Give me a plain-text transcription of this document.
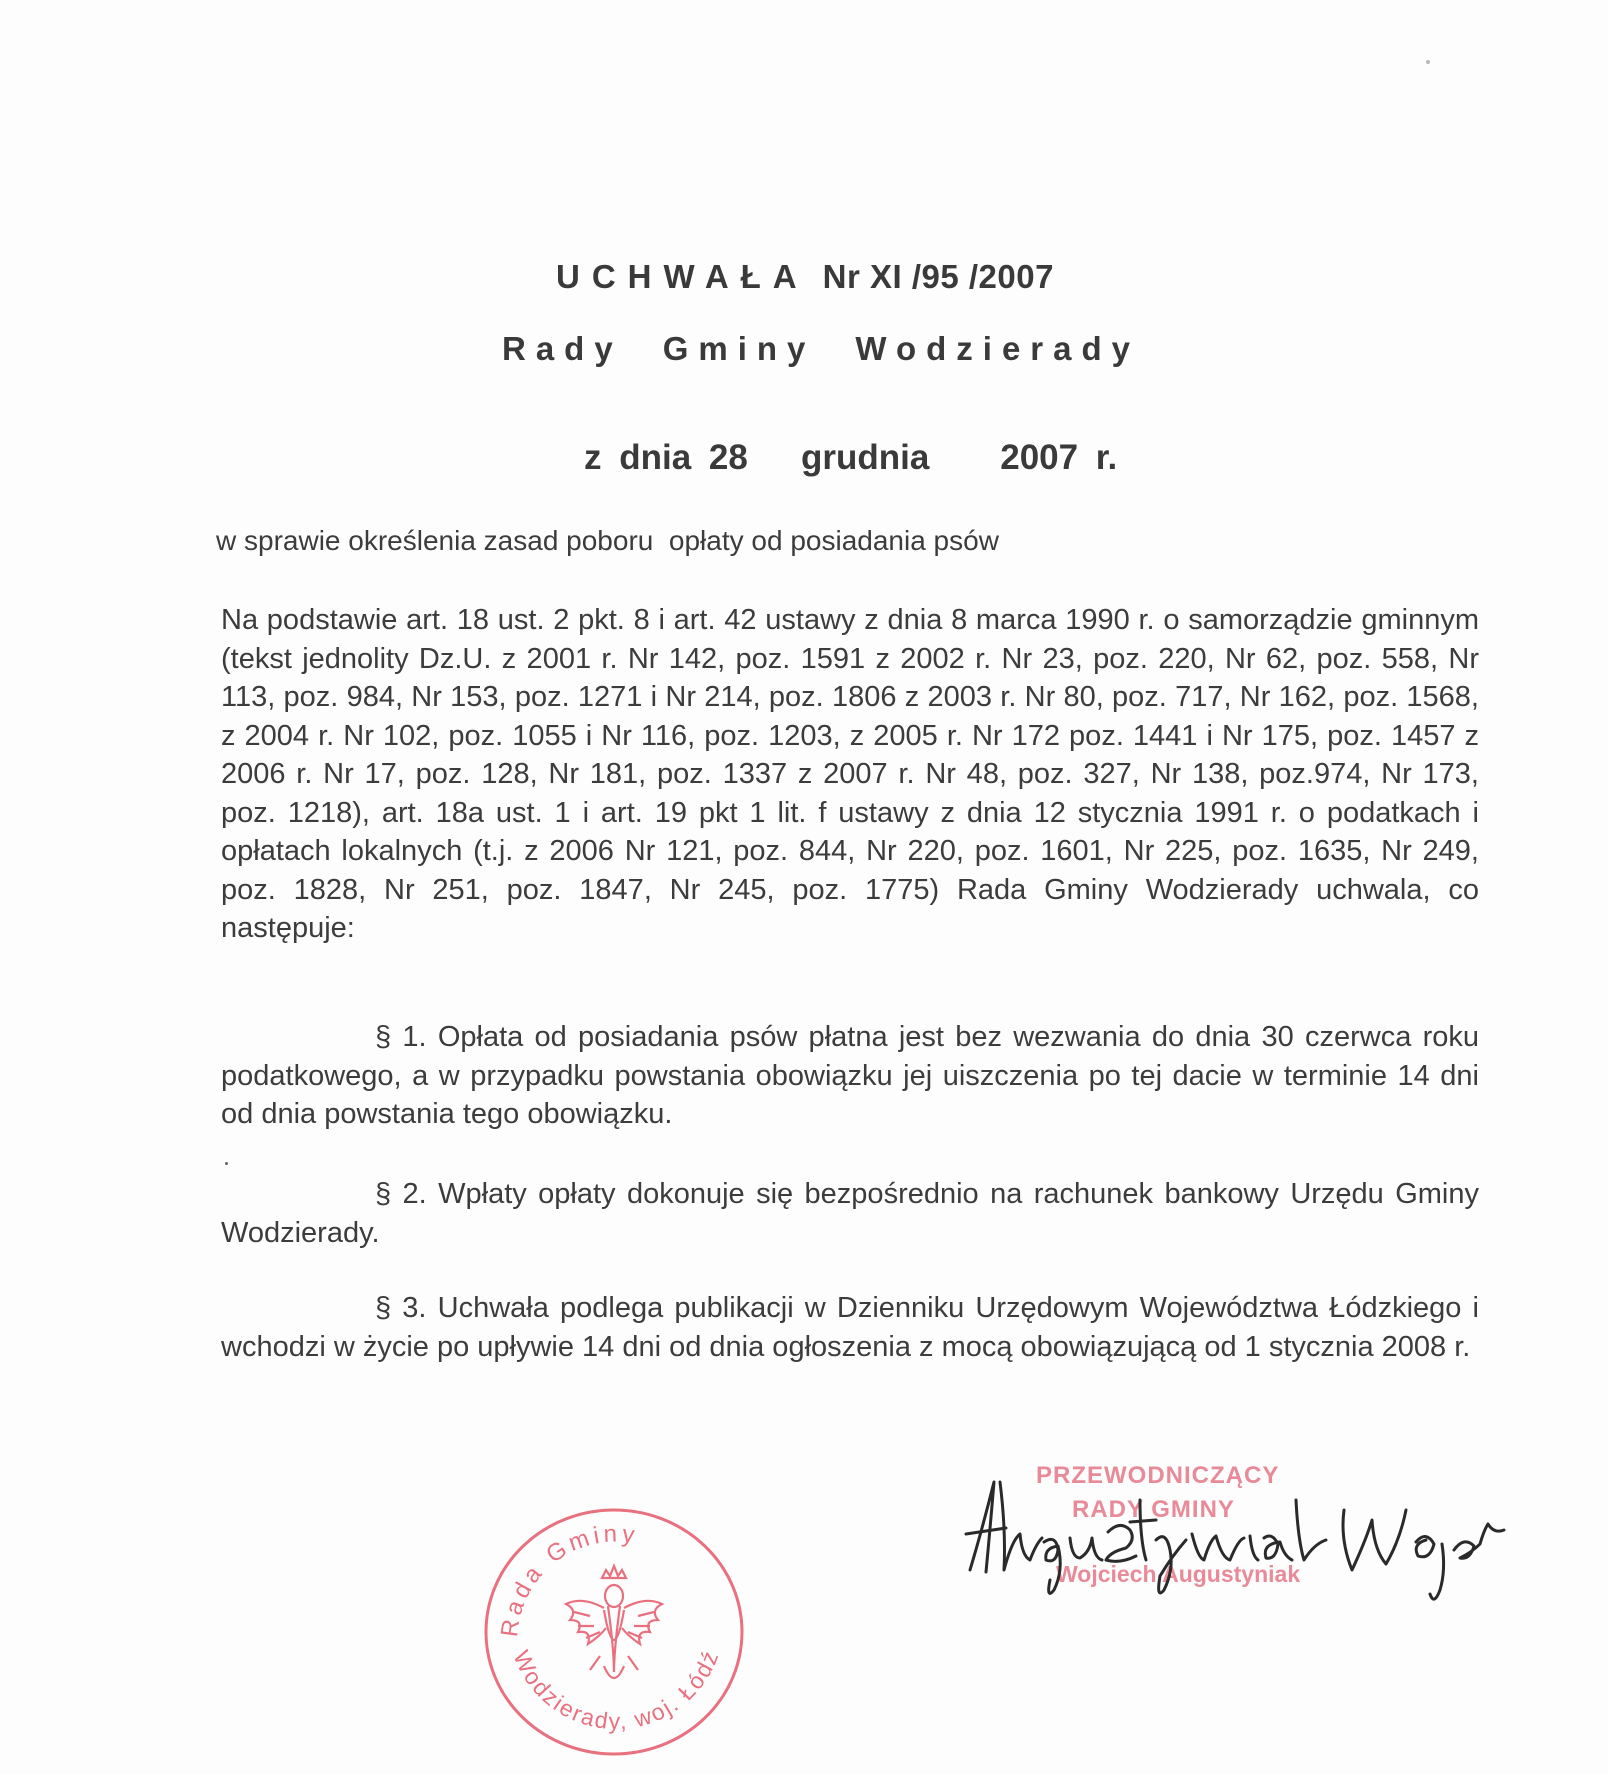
UCHWAŁA Nr XI /95 /2007
Rady Gminy Wodzierady
z dnia 28   grudnia    2007 r.
w sprawie określenia zasad poboru  opłaty od posiadania psów
Na podstawie art. 18 ust. 2 pkt. 8 i art. 42 ustawy z dnia 8 marca 1990 r. o samorządzie gminnym (tekst jednolity Dz.U. z 2001 r. Nr 142, poz. 1591 z 2002 r. Nr 23, poz. 220, Nr 62, poz. 558, Nr 113, poz. 984, Nr 153, poz. 1271 i Nr 214, poz. 1806 z 2003 r. Nr 80, poz. 717, Nr 162, poz. 1568, z 2004 r. Nr 102, poz. 1055 i Nr 116, poz. 1203, z 2005 r. Nr 172 poz. 1441 i Nr 175, poz. 1457 z 2006 r. Nr 17, poz. 128, Nr 181, poz. 1337 z 2007 r. Nr 48, poz. 327, Nr 138, poz.974, Nr 173, poz. 1218), art. 18a ust. 1 i art. 19 pkt 1 lit. f ustawy z dnia 12 stycznia 1991 r. o podatkach i opłatach lokalnych (t.j. z 2006 Nr 121, poz. 844, Nr 220, poz. 1601, Nr 225, poz. 1635, Nr 249, poz. 1828, Nr 251, poz. 1847, Nr 245, poz. 1775) Rada Gminy Wodzierady uchwala, co następuje:
§ 1. Opłata od posiadania psów płatna jest bez wezwania do dnia 30 czerwca roku podatkowego, a w przypadku powstania obowiązku jej uiszczenia po tej dacie w terminie 14 dni od dnia powstania tego obowiązku.
§ 2. Wpłaty opłaty dokonuje się bezpośrednio na rachunek bankowy Urzędu Gminy Wodzierady.
§ 3. Uchwała podlega publikacji w Dzienniku Urzędowym Województwa Łódzkiego i wchodzi w życie po upływie 14 dni od dnia ogłoszenia z mocą obowiązującą od 1 stycznia 2008 r.
Rada Gminy
Wodzierady, woj. Łódź
PRZEWODNICZĄCY
RADY GMINY
Wojciech Augustyniak
